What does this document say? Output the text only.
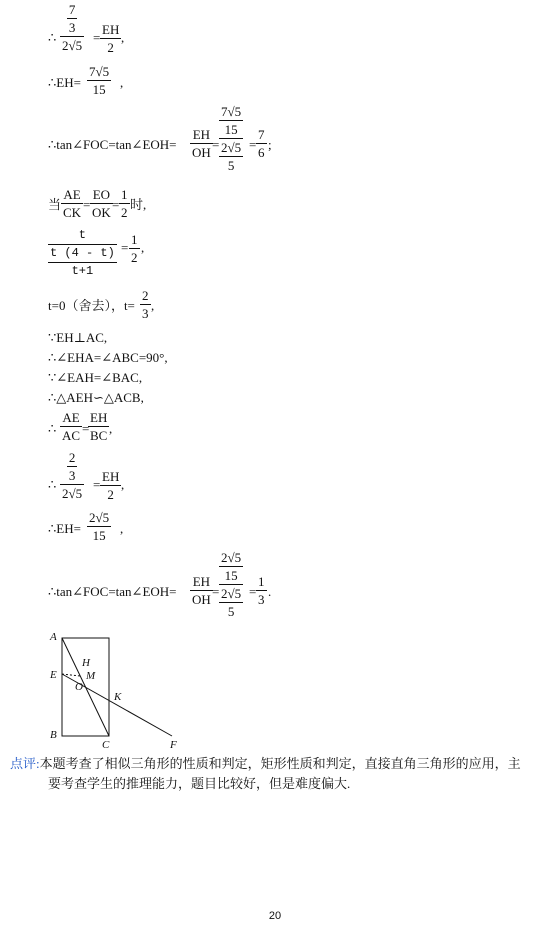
∴
$\frac{7}{3}$
2√5
=
EH
2
,
∴EH=
7√5
15 ,
∴tan∠FOC=tan∠EOH=
EH
OH
=
$\frac{7√5}{15}$
$\frac{2√5}{5}$ =
7
6
;
当
AE
CK
=
EO
OK
=
1
2
时,
t
$\frac{t (4 - t)}{t+1}$ =
1
2
,
t=0（舍去），t=
2
3
,
∵EH⊥AC,
∴∠EHA=∠ABC=90°,
∵∠EAH=∠BAC,
∴△AEH∽△ACB,
∴
AE
AC =
EH
BC ,
∴
$\frac{2}{3}$
2√5
=
EH
2
,
∴EH=
2√5
15 ,
∴tan∠FOC=tan∠EOH=
EH
OH
=
$\frac{2√5}{15}$
$\frac{2√5}{5}$ =
1
3
.
A
E
B
C	F
H
M
O
K
点评:本题考查了相似三角形的性质和判定，矩形性质和判定，直接直角三角形的应用，主
要考查学生的推理能力，题目比较好，但是难度偏大.
20
